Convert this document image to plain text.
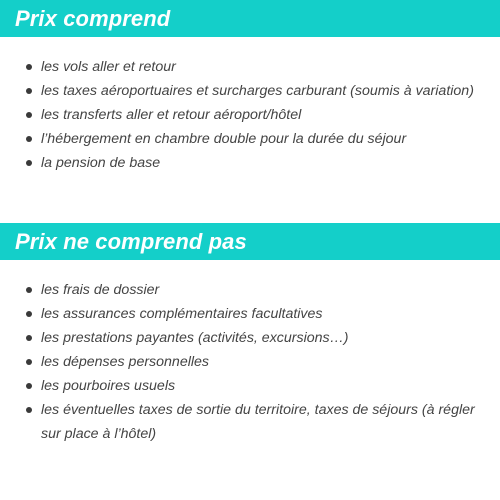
Prix comprend
les vols aller et retour
les taxes aéroportuaires et surcharges carburant (soumis à variation)
les transferts aller et retour aéroport/hôtel
l’hébergement en chambre double pour la durée du séjour
la pension de base
Prix ne comprend pas
les frais de dossier
les assurances complémentaires facultatives
les prestations payantes (activités, excursions…)
les dépenses personnelles
les pourboires usuels
les éventuelles taxes de sortie du territoire, taxes de séjours (à régler sur place à l’hôtel)
